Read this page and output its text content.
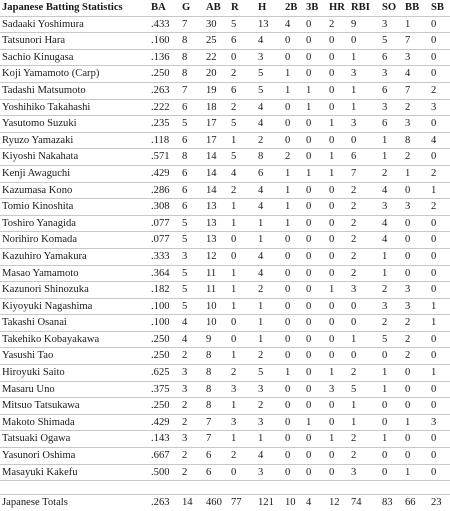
Japanese Batting Statistics	BA	G	AB	R	H	2B	3B	HR	RBI	SO	BB	SB
Sadaaki Yoshimura	.433	7	30	5	13	4	0	2	9	3	1	0
Tatsunori Hara	.160	8	25	6	4	0	0	0	0	5	7	0
Sachio Kinugasa	.136	8	22	0	3	0	0	0	1	6	3	0
Koji Yamamoto (Carp)	.250	8	20	2	5	1	0	0	3	3	4	0
Tadashi Matsumoto	.263	7	19	6	5	1	1	0	1	6	7	2
Yoshihiko Takahashi	.222	6	18	2	4	0	1	0	1	3	2	3
Yasutomo Suzuki	.235	5	17	5	4	0	0	1	3	6	3	0
Ryuzo Yamazaki	.118	6	17	1	2	0	0	0	0	1	8	4
Kiyoshi Nakahata	.571	8	14	5	8	2	0	1	6	1	2	0
Kenji Awaguchi	.429	6	14	4	6	1	1	1	7	2	1	2
Kazumasa Kono	.286	6	14	2	4	1	0	0	2	4	0	1
Tomio Kinoshita	.308	6	13	1	4	1	0	0	2	3	3	2
Toshiro Yanagida	.077	5	13	1	1	1	0	0	2	4	0	0
Norihiro Komada	.077	5	13	0	1	0	0	0	2	4	0	0
Kazuhiro Yamakura	.333	3	12	0	4	0	0	0	2	1	0	0
Masao Yamamoto	.364	5	11	1	4	0	0	0	2	1	0	0
Kazunori Shinozuka	.182	5	11	1	2	0	0	1	3	2	3	0
Kiyoyuki Nagashima	.100	5	10	1	1	0	0	0	0	3	3	1
Takashi Osanai	.100	4	10	0	1	0	0	0	0	2	2	1
Takehiko Kobayakawa	.250	4	9	0	1	0	0	0	1	5	2	0
Yasushi Tao	.250	2	8	1	2	0	0	0	0	0	2	0
Hiroyuki Saito	.625	3	8	2	5	1	0	1	2	1	0	1
Masaru Uno	.375	3	8	3	3	0	0	3	5	1	0	0
Mitsuo Tatsukawa	.250	2	8	1	2	0	0	0	1	0	0	0
Makoto Shimada	.429	2	7	3	3	0	1	0	1	0	1	3
Tatsuaki Ogawa	.143	3	7	1	1	0	0	1	2	1	0	0
Yasunori Oshima	.667	2	6	2	4	0	0	0	2	0	0	0
Masayuki Kakefu	.500	2	6	0	3	0	0	0	3	0	1	0

Japanese Totals	.263	14	460	77	121	10	4	12	74	83	66	23
